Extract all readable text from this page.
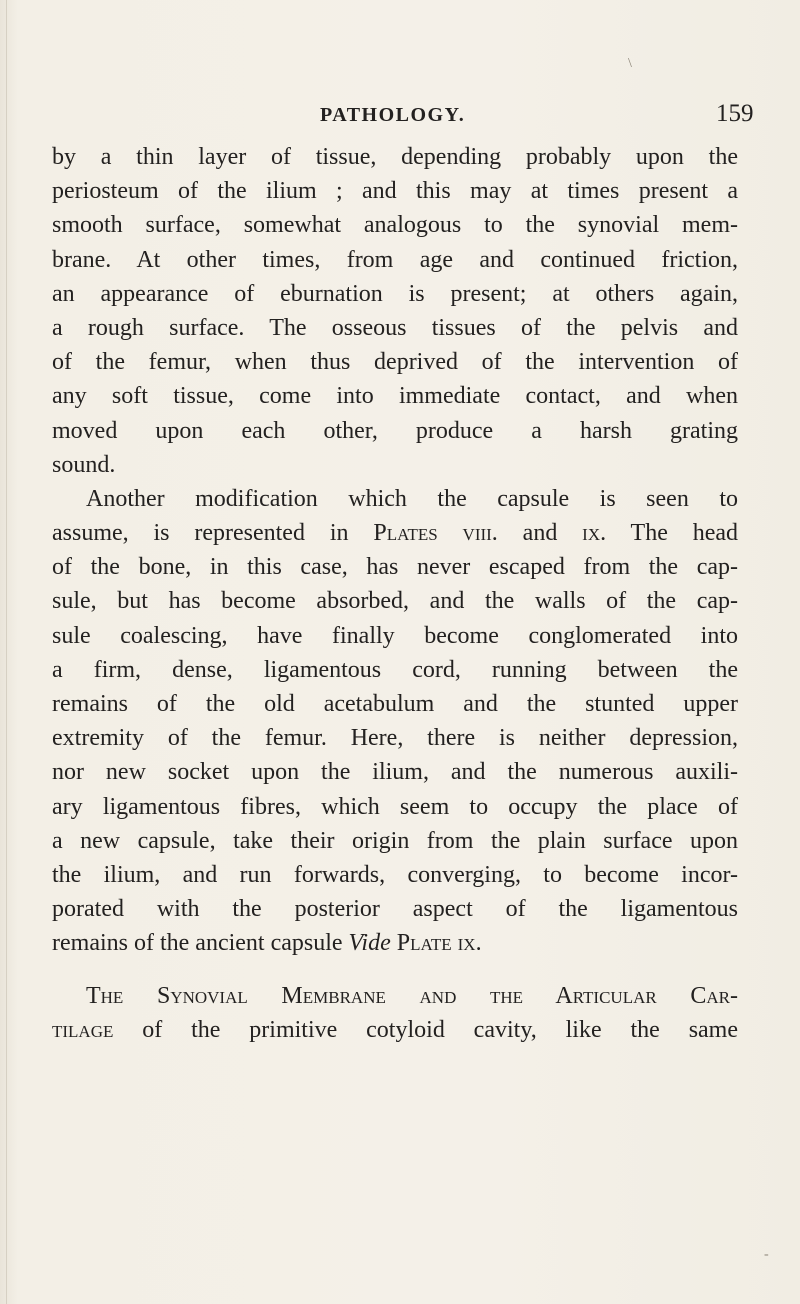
\
PATHOLOGY.	159
by a thin layer of tissue, depending probably upon the
periosteum of the ilium ; and this may at times present a
smooth surface, somewhat analogous to the synovial mem-
brane. At other times, from age and continued friction,
an appearance of eburnation is present; at others again,
a rough surface. The osseous tissues of the pelvis and
of the femur, when thus deprived of the intervention of
any soft tissue, come into immediate contact, and when
moved upon each other, produce a harsh grating
sound.
Another modification which the capsule is seen to
assume, is represented in Plates viii. and ix. The head
of the bone, in this case, has never escaped from the cap-
sule, but has become absorbed, and the walls of the cap-
sule coalescing, have finally become conglomerated into
a firm, dense, ligamentous cord, running between the
remains of the old acetabulum and the stunted upper
extremity of the femur. Here, there is neither depression,
nor new socket upon the ilium, and the numerous auxili-
ary ligamentous fibres, which seem to occupy the place of
a new capsule, take their origin from the plain surface upon
the ilium, and run forwards, converging, to become incor-
porated with the posterior aspect of the ligamentous
remains of the ancient capsule Vide Plate ix.
The Synovial Membrane and the Articular Car-
tilage of the primitive cotyloid cavity, like the same
-
